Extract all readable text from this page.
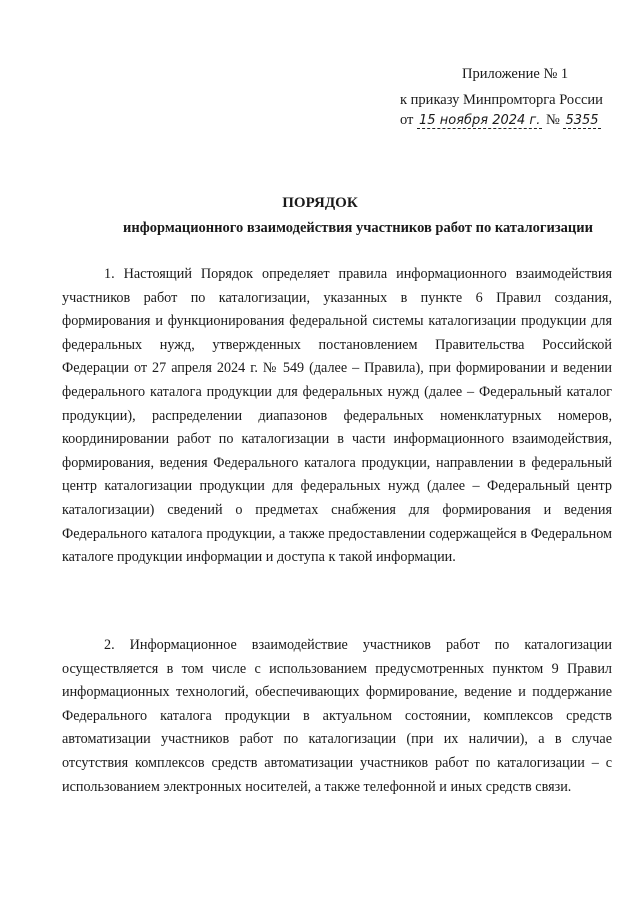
Приложение № 1
к приказу Минпромторга России
от 15 ноября 2024 г. № 5355
ПОРЯДОК
информационного взаимодействия участников работ по каталогизации

1. Настоящий Порядок определяет правила информационного взаимодействия участников работ по каталогизации, указанных в пункте 6 Правил создания, формирования и функционирования федеральной системы каталогизации продукции для федеральных нужд, утвержденных постановлением Правительства Российской Федерации от 27 апреля 2024 г. № 549 (далее – Правила), при формировании и ведении федерального каталога продукции для федеральных нужд (далее – Федеральный каталог продукции), распределении диапазонов федеральных номенклатурных номеров, координировании работ по каталогизации в части информационного взаимодействия, формирования, ведения Федерального каталога продукции, направлении в федеральный центр каталогизации продукции для федеральных нужд (далее – Федеральный центр каталогизации) сведений о предметах снабжения для формирования и ведения Федерального каталога продукции, а также предоставлении содержащейся в Федеральном каталоге продукции информации и доступа к такой информации.

2. Информационное взаимодействие участников работ по каталогизации осуществляется в том числе с использованием предусмотренных пунктом 9 Правил информационных технологий, обеспечивающих формирование, ведение и поддержание Федерального каталога продукции в актуальном состоянии, комплексов средств автоматизации участников работ по каталогизации (при их наличии), а в случае отсутствия комплексов средств автоматизации участников работ по каталогизации – с использованием электронных носителей, а также телефонной и иных средств связи.
